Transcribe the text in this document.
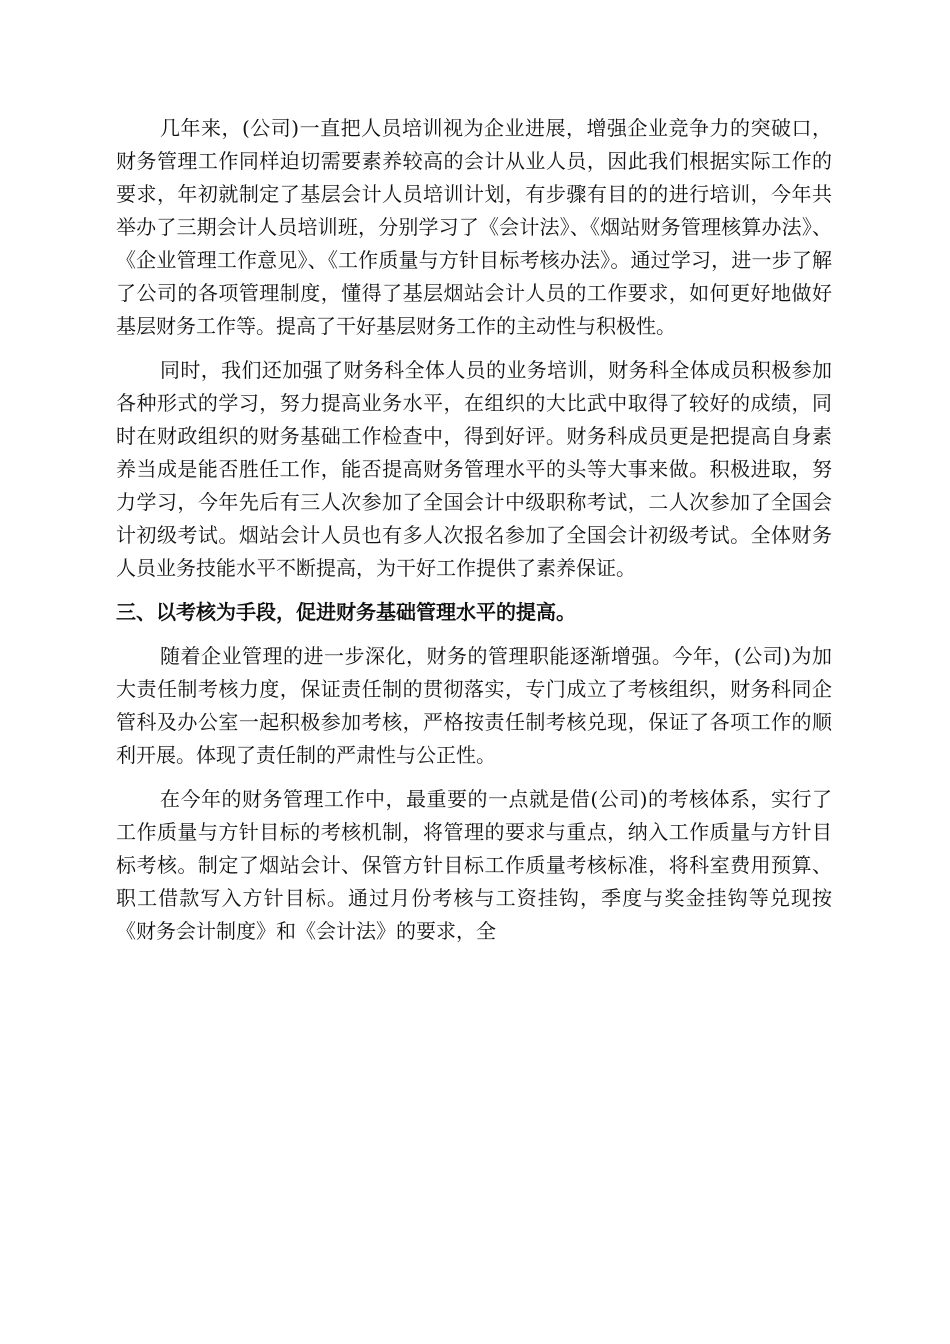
几年来，(公司)一直把人员培训视为企业进展，增强企业竞争力的突破口，财务管理工作同样迫切需要素养较高的会计从业人员，因此我们根据实际工作的要求，年初就制定了基层会计人员培训计划，有步骤有目的的进行培训，今年共举办了三期会计人员培训班，分别学习了《会计法》、《烟站财务管理核算办法》、《企业管理工作意见》、《工作质量与方针目标考核办法》。通过学习，进一步了解了公司的各项管理制度，懂得了基层烟站会计人员的工作要求，如何更好地做好基层财务工作等。提高了干好基层财务工作的主动性与积极性。

同时，我们还加强了财务科全体人员的业务培训，财务科全体成员积极参加各种形式的学习，努力提高业务水平，在组织的大比武中取得了较好的成绩，同时在财政组织的财务基础工作检查中，得到好评。财务科成员更是把提高自身素养当成是能否胜任工作，能否提高财务管理水平的头等大事来做。积极进取，努力学习，今年先后有三人次参加了全国会计中级职称考试，二人次参加了全国会计初级考试。烟站会计人员也有多人次报名参加了全国会计初级考试。全体财务人员业务技能水平不断提高，为干好工作提供了素养保证。

三、以考核为手段，促进财务基础管理水平的提高。

随着企业管理的进一步深化，财务的管理职能逐渐增强。今年，(公司)为加大责任制考核力度，保证责任制的贯彻落实，专门成立了考核组织，财务科同企管科及办公室一起积极参加考核，严格按责任制考核兑现，保证了各项工作的顺利开展。体现了责任制的严肃性与公正性。

在今年的财务管理工作中，最重要的一点就是借(公司)的考核体系，实行了工作质量与方针目标的考核机制，将管理的要求与重点，纳入工作质量与方针目标考核。制定了烟站会计、保管方针目标工作质量考核标准，将科室费用预算、职工借款写入方针目标。通过月份考核与工资挂钩，季度与奖金挂钩等兑现按《财务会计制度》和《会计法》的要求，全
